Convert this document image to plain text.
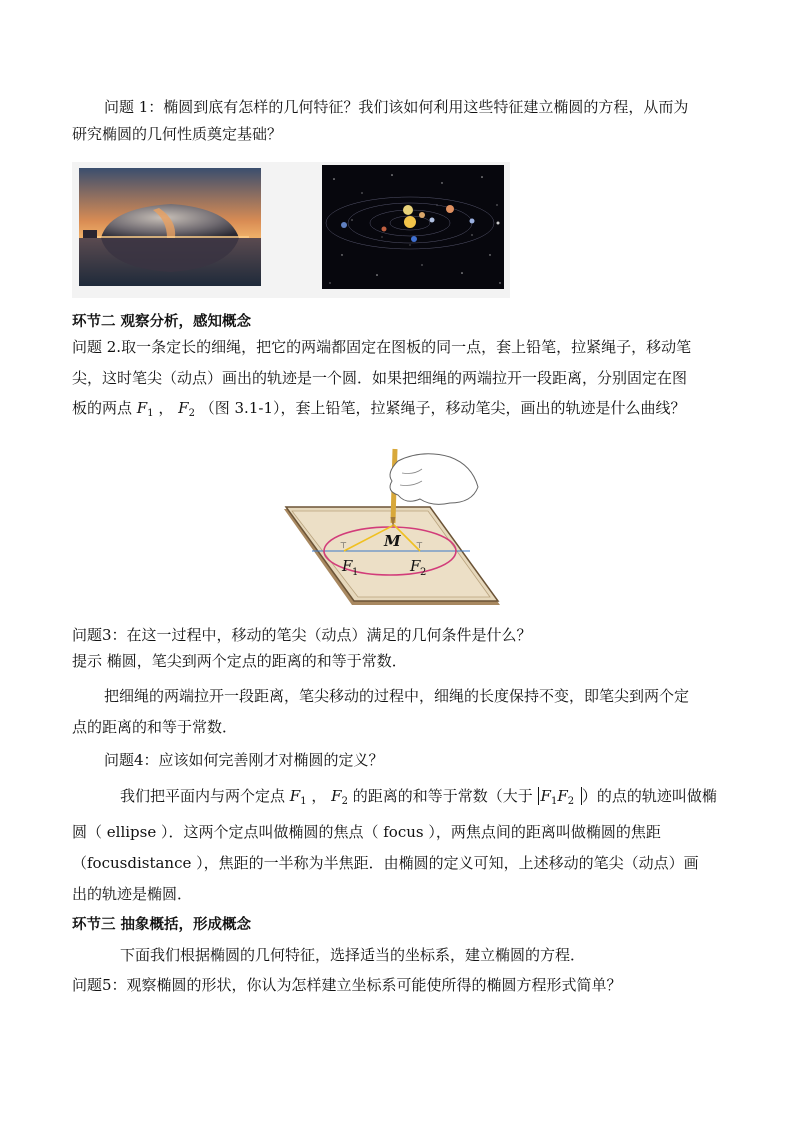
问题 1：椭圆到底有怎样的几何特征？我们该如何利用这些特征建立椭圆的方程，从而为
研究椭圆的几何性质奠定基础？
环节二 观察分析，感知概念
问题 2.取一条定长的细绳，把它的两端都固定在图板的同一点，套上铅笔，拉紧绳子，移动笔
尖，这时笔尖（动点）画出的轨迹是一个圆．如果把细绳的两端拉开一段距离，分别固定在图
板的两点 $F_1$ ， $F_2$ （图 3.1-1），套上铅笔，拉紧绳子，移动笔尖，画出的轨迹是什么曲线？
⊤	⊤
M
F 1	F 2
问题3：在这一过程中，移动的笔尖（动点）满足的几何条件是什么？
提示 椭圆，笔尖到两个定点的距离的和等于常数．
把细绳的两端拉开一段距离，笔尖移动的过程中，细绳的长度保持不变，即笔尖到两个定
点的距离的和等于常数．
问题4：应该如何完善刚才对椭圆的定义？
我们把平面内与两个定点 $F_1$ ， $F_2$ 的距离的和等于常数（大于 $F_1F_2$ ）的点的轨迹叫做椭
圆（ ellipse ）．这两个定点叫做椭圆的焦点（ focus ），两焦点间的距离叫做椭圆的焦距
（focusdistance ），焦距的一半称为半焦距．由椭圆的定义可知，上述移动的笔尖（动点）画
出的轨迹是椭圆．
环节三 抽象概括，形成概念
下面我们根据椭圆的几何特征，选择适当的坐标系，建立椭圆的方程．
问题5：观察椭圆的形状，你认为怎样建立坐标系可能使所得的椭圆方程形式简单？
